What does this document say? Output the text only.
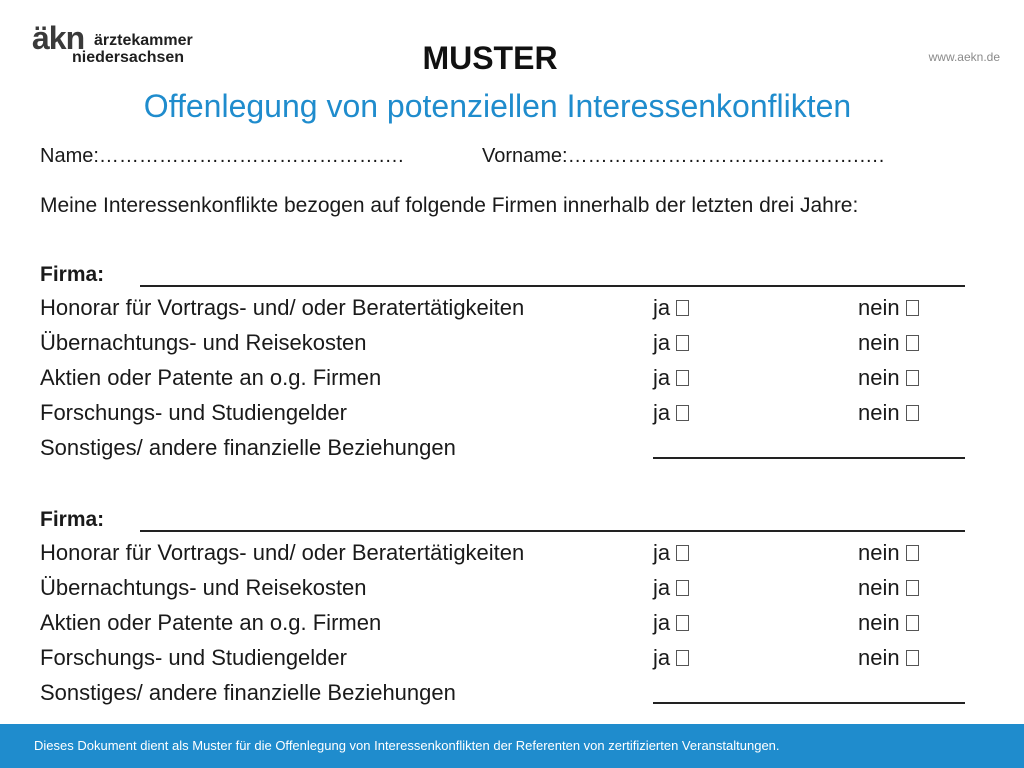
äkn ärztekammer
niedersachsen	www.aekn.de
MUSTER
Offenlegung von potenziellen Interessenkonflikten
Name:…………………………………….…	Vorname:……………………….…………….….
Meine Interessenkonflikte bezogen auf folgende Firmen innerhalb der letzten drei Jahre:
Firma:
Honorar für Vortrags- und/ oder Beratertätigkeiten	ja	nein
Übernachtungs- und Reisekosten	ja	nein
Aktien oder Patente an o.g. Firmen	ja	nein
Forschungs- und Studiengelder	ja	nein
Sonstiges/ andere finanzielle Beziehungen
Firma:
Honorar für Vortrags- und/ oder Beratertätigkeiten	ja	nein
Übernachtungs- und Reisekosten	ja	nein
Aktien oder Patente an o.g. Firmen	ja	nein
Forschungs- und Studiengelder	ja	nein
Sonstiges/ andere finanzielle Beziehungen
Dieses Dokument dient als Muster für die Offenlegung von Interessenkonflikten der Referenten von zertifizierten Veranstaltungen.
